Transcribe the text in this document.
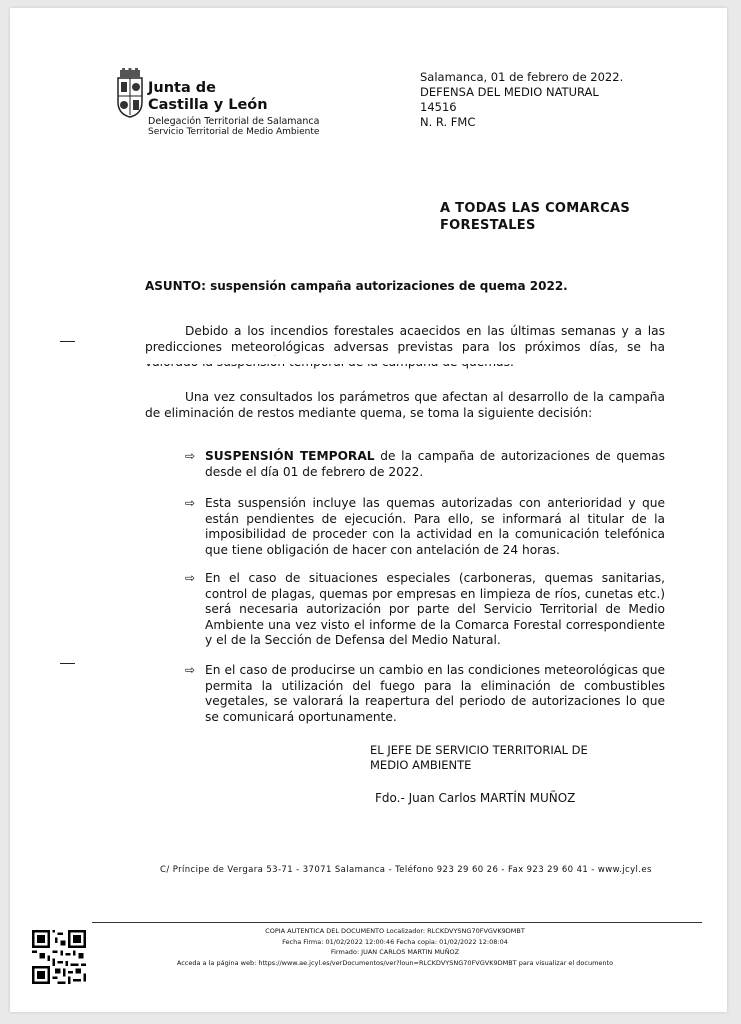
Junta de
Castilla y León
Delegación Territorial de Salamanca
Servicio Territorial de Medio Ambiente
Salamanca, 01 de febrero de 2022.
DEFENSA DEL MEDIO NATURAL
14516
N. R. FMC
A TODAS LAS COMARCAS
FORESTALES
ASUNTO: suspensión campaña autorizaciones de quema 2022.
Debido a los incendios forestales acaecidos en las últimas semanas y a las predicciones meteorológicas adversas previstas para los próximos días, se ha
Una vez consultados los parámetros que afectan al desarrollo de la campaña de eliminación de restos mediante quema, se toma la siguiente decisión:
⇨ SUSPENSIÓN TEMPORAL de la campaña de autorizaciones de quemas desde el día 01 de febrero de 2022.
⇨ Esta suspensión incluye las quemas autorizadas con anterioridad y que están pendientes de ejecución. Para ello, se informará al titular de la imposibilidad de proceder con la actividad en la comunicación telefónica que tiene obligación de hacer con antelación de 24 horas.
⇨ En el caso de situaciones especiales (carboneras, quemas sanitarias, control de plagas, quemas por empresas en limpieza de ríos, cunetas etc.) será necesaria autorización por parte del Servicio Territorial de Medio Ambiente una vez visto el informe de la Comarca Forestal correspondiente y el de la Sección de Defensa del Medio Natural.
⇨ En el caso de producirse un cambio en las condiciones meteorológicas que permita la utilización del fuego para la eliminación de combustibles vegetales, se valorará la reapertura del periodo de autorizaciones lo que se comunicará oportunamente.
EL JEFE DE SERVICIO TERRITORIAL DE
MEDIO AMBIENTE
Fdo.- Juan Carlos MARTÍN MUÑOZ
C/ Príncipe de Vergara 53-71 - 37071 Salamanca - Teléfono 923 29 60 26 - Fax 923 29 60 41 - www.jcyl.es
COPIA AUTENTICA DEL DOCUMENTO Localizador: RLCKDVYSNG70FVGVK9DMBT
Fecha Firma: 01/02/2022 12:00:46 Fecha copia: 01/02/2022 12:08:04
Firmado: JUAN CARLOS MARTIN MUÑOZ
Acceda a la página web: https://www.ae.jcyl.es/verDocumentos/ver?loun=RLCKDVYSNG70FVGVK9DMBT para visualizar el documento
